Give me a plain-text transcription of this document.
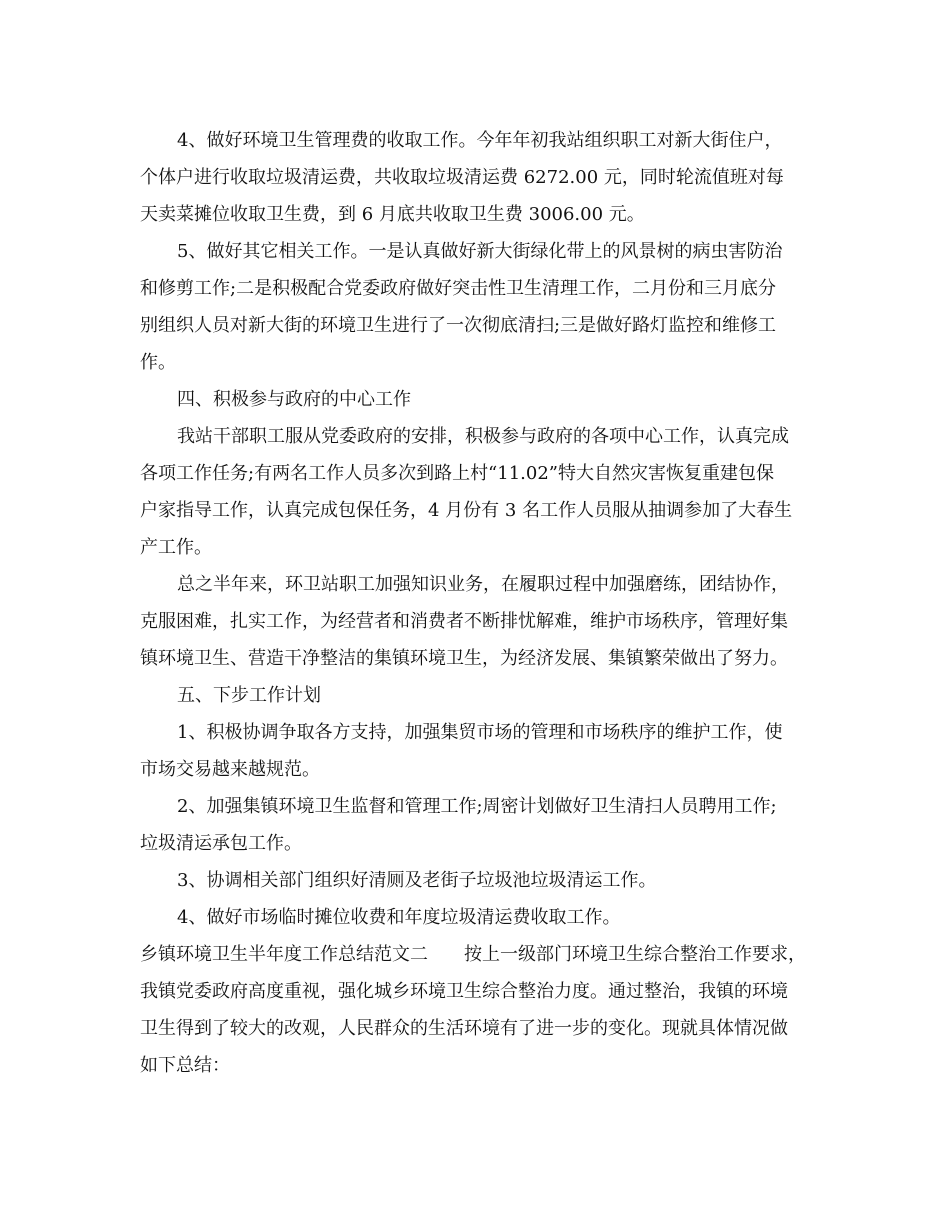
4、做好环境卫生管理费的收取工作。今年年初我站组织职工对新大街住户，
个体户进行收取垃圾清运费，共收取垃圾清运费 6272.00 元，同时轮流值班对每
天卖菜摊位收取卫生费，到 6 月底共收取卫生费 3006.00 元。
5、做好其它相关工作。一是认真做好新大街绿化带上的风景树的病虫害防治
和修剪工作;二是积极配合党委政府做好突击性卫生清理工作，二月份和三月底分
别组织人员对新大街的环境卫生进行了一次彻底清扫;三是做好路灯监控和维修工
作。
四、积极参与政府的中心工作
我站干部职工服从党委政府的安排，积极参与政府的各项中心工作，认真完成
各项工作任务;有两名工作人员多次到路上村“11.02”特大自然灾害恢复重建包保
户家指导工作，认真完成包保任务，4 月份有 3 名工作人员服从抽调参加了大春生
产工作。
总之半年来，环卫站职工加强知识业务，在履职过程中加强磨练，团结协作，
克服困难，扎实工作，为经营者和消费者不断排忧解难，维护市场秩序，管理好集
镇环境卫生、营造干净整洁的集镇环境卫生，为经济发展、集镇繁荣做出了努力。
五、下步工作计划
1、积极协调争取各方支持，加强集贸市场的管理和市场秩序的维护工作，使
市场交易越来越规范。
2、加强集镇环境卫生监督和管理工作;周密计划做好卫生清扫人员聘用工作;
垃圾清运承包工作。
3、协调相关部门组织好清厕及老街子垃圾池垃圾清运工作。
4、做好市场临时摊位收费和年度垃圾清运费收取工作。
乡镇环境卫生半年度工作总结范文二　　按上一级部门环境卫生综合整治工作要求，
我镇党委政府高度重视，强化城乡环境卫生综合整治力度。通过整治，我镇的环境
卫生得到了较大的改观，人民群众的生活环境有了进一步的变化。现就具体情况做
如下总结：
